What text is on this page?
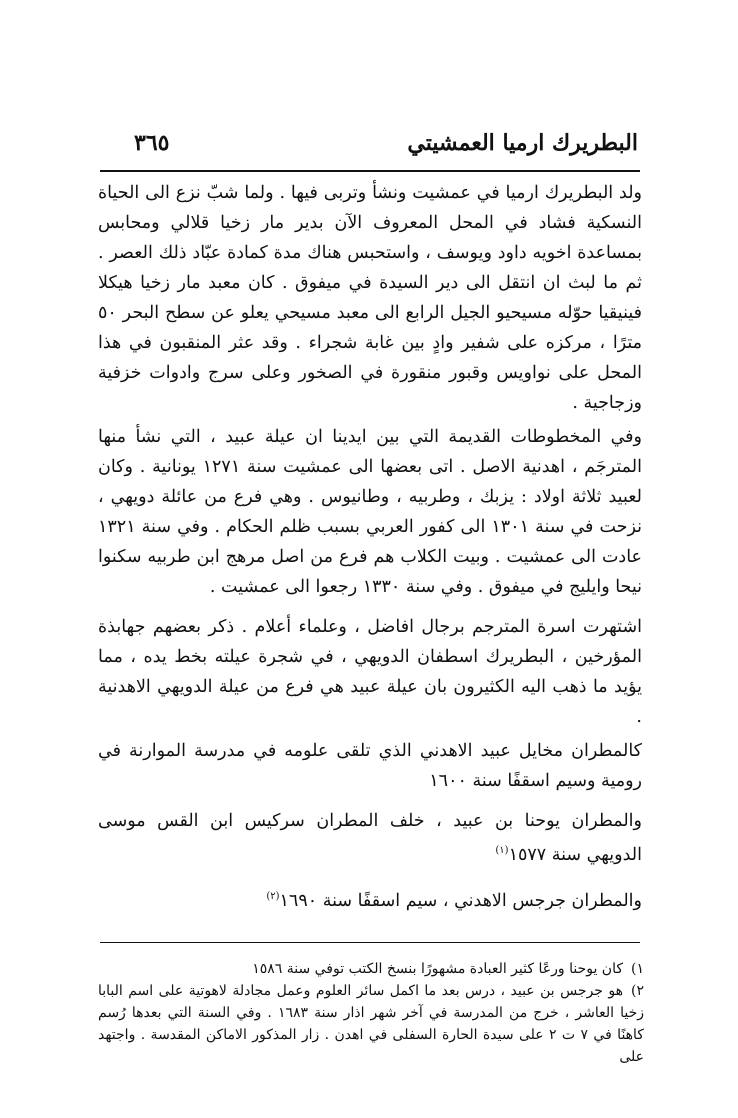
البطريرك ارميا العمشيتي
٣٦٥

ولد البطريرك ارميا في عمشيت ونشأ وتربى فيها . ولما شبّ نزع الى الحياة النسكية فشاد في المحل المعروف الآن بدير مار زخيا قلالي ومحابس بمساعدة اخويه داود ويوسف ، واستحبس هناك مدة كمادة عبّاد ذلك العصر . ثم ما لبث ان انتقل الى دير السيدة في ميفوق . كان معبد مار زخيا هيكلا فينيقيا حوّله مسيحيو الجيل الرابع الى معبد مسيحي يعلو عن سطح البحر ٥٠ مترًا ، مركزه على شفير وادٍ بين غابة شجراء . وقد عثر المنقبون في هذا المحل على نواويس وقبور منقورة في الصخور وعلى سرج وادوات خزفية وزجاجية .

وفي المخطوطات القديمة التي بين ايدينا ان عيلة عبيد ، التي نشأ منها المترجَم ، اهدنية الاصل . اتى بعضها الى عمشيت سنة ١٢٧١ يونانية . وكان لعبيد ثلاثة اولاد : يزبك ، وطربيه ، وطانيوس . وهي فرع من عائلة دويهي ، نزحت في سنة ١٣٠١ الى كفور العربي بسبب ظلم الحكام . وفي سنة ١٣٢١ عادت الى عمشيت . وبيت الكلاب هم فرع من اصل مرهج ابن طربيه سكنوا نيحا وايليج في ميفوق . وفي سنة ١٣٣٠ رجعوا الى عمشيت .

اشتهرت اسرة المترجم برجال افاضل ، وعلماء أعلام . ذكر بعضهم جهابذة المؤرخين ، البطريرك اسطفان الدويهي ، في شجرة عيلته بخط يده ، مما يؤيد ما ذهب اليه الكثيرون بان عيلة عبيد هي فرع من عيلة الدويهي الاهدنية .

كالمطران مخايل عبيد الاهدني الذي تلقى علومه في مدرسة الموارنة في رومية وسيم اسقفًا سنة ١٦٠٠

والمطران يوحنا بن عبيد ، خلف المطران سركيس ابن القس موسى الدويهي سنة ١٥٧٧$^{(١)}$

والمطران جرجس الاهدني ، سيم اسقفًا سنة ١٦٩٠$^{(٢)}$

١)كان يوحنا ورعًا كثير العبادة مشهورًا بنسخ الكتب توفي سنة ١٥٨٦

٢)هو جرجس بن عبيد ، درس بعد ما اكمل سائر العلوم وعمل مجادلة لاهوتية على اسم البابا زخيا العاشر ، خرج من المدرسة في آخر شهر اذار سنة ١٦٨٣ . وفي السنة التي بعدها رُسم كاهنًا في ٧ ت ٢ على سيدة الحارة السفلى في اهدن . زار المذكور الاماكن المقدسة . واجتهد على
